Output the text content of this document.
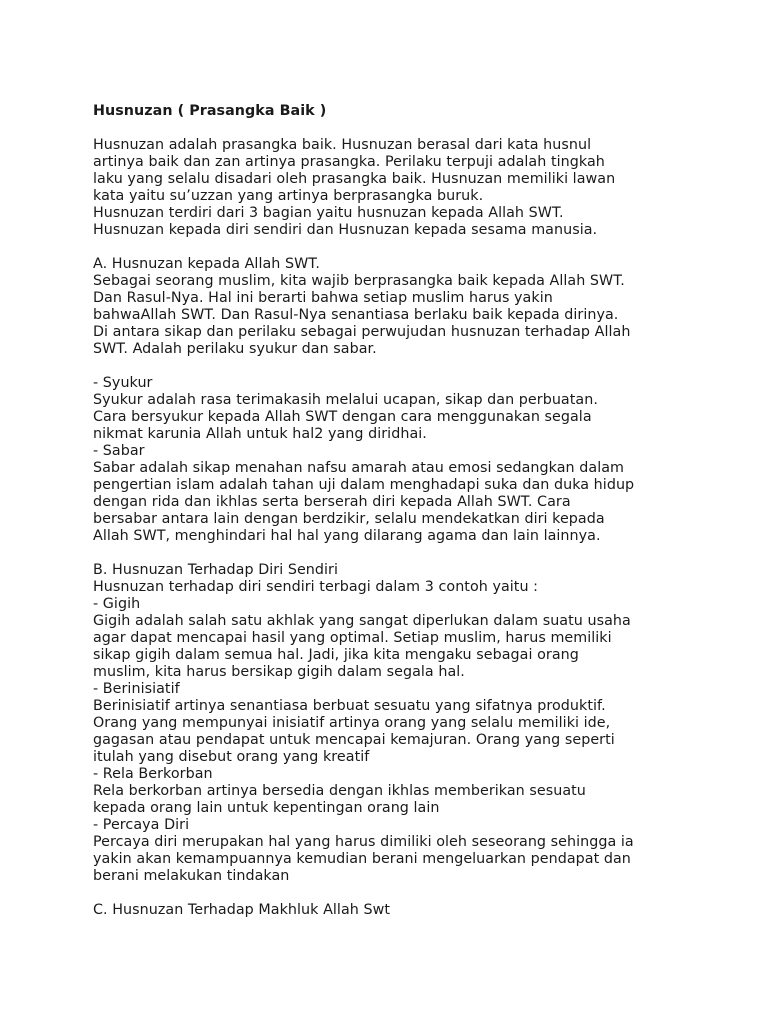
Husnuzan ( Prasangka Baik )

Husnuzan adalah prasangka baik. Husnuzan berasal dari kata husnul
artinya baik dan zan artinya prasangka. Perilaku terpuji adalah tingkah
laku yang selalu disadari oleh prasangka baik. Husnuzan memiliki lawan
kata yaitu su’uzzan yang artinya berprasangka buruk.
Husnuzan terdiri dari 3 bagian yaitu husnuzan kepada Allah SWT.
Husnuzan kepada diri sendiri dan Husnuzan kepada sesama manusia.
A. Husnuzan kepada Allah SWT.
Sebagai seorang muslim, kita wajib berprasangka baik kepada Allah SWT.
Dan Rasul-Nya. Hal ini berarti bahwa setiap muslim harus yakin
bahwaAllah SWT. Dan Rasul-Nya senantiasa berlaku baik kepada dirinya.
Di antara sikap dan perilaku sebagai perwujudan husnuzan terhadap Allah
SWT. Adalah perilaku syukur dan sabar.
- Syukur
Syukur adalah rasa terimakasih melalui ucapan, sikap dan perbuatan.
Cara bersyukur kepada Allah SWT dengan cara menggunakan segala
nikmat karunia Allah untuk hal2 yang diridhai.
- Sabar
Sabar adalah sikap menahan nafsu amarah atau emosi sedangkan dalam
pengertian islam adalah tahan uji dalam menghadapi suka dan duka hidup
dengan rida dan ikhlas serta berserah diri kepada Allah SWT. Cara
bersabar antara lain dengan berdzikir, selalu mendekatkan diri kepada
Allah SWT, menghindari hal hal yang dilarang agama dan lain lainnya.
B. Husnuzan Terhadap Diri Sendiri
Husnuzan terhadap diri sendiri terbagi dalam 3 contoh yaitu :
- Gigih
Gigih adalah salah satu akhlak yang sangat diperlukan dalam suatu usaha
agar dapat mencapai hasil yang optimal. Setiap muslim, harus memiliki
sikap gigih dalam semua hal. Jadi, jika kita mengaku sebagai orang
muslim, kita harus bersikap gigih dalam segala hal.
- Berinisiatif
Berinisiatif artinya senantiasa berbuat sesuatu yang sifatnya produktif.
Orang yang mempunyai inisiatif artinya orang yang selalu memiliki ide,
gagasan atau pendapat untuk mencapai kemajuran. Orang yang seperti
itulah yang disebut orang yang kreatif
- Rela Berkorban
Rela berkorban artinya bersedia dengan ikhlas memberikan sesuatu
kepada orang lain untuk kepentingan orang lain
- Percaya Diri
Percaya diri merupakan hal yang harus dimiliki oleh seseorang sehingga ia
yakin akan kemampuannya kemudian berani mengeluarkan pendapat dan
berani melakukan tindakan
C. Husnuzan Terhadap Makhluk Allah Swt
